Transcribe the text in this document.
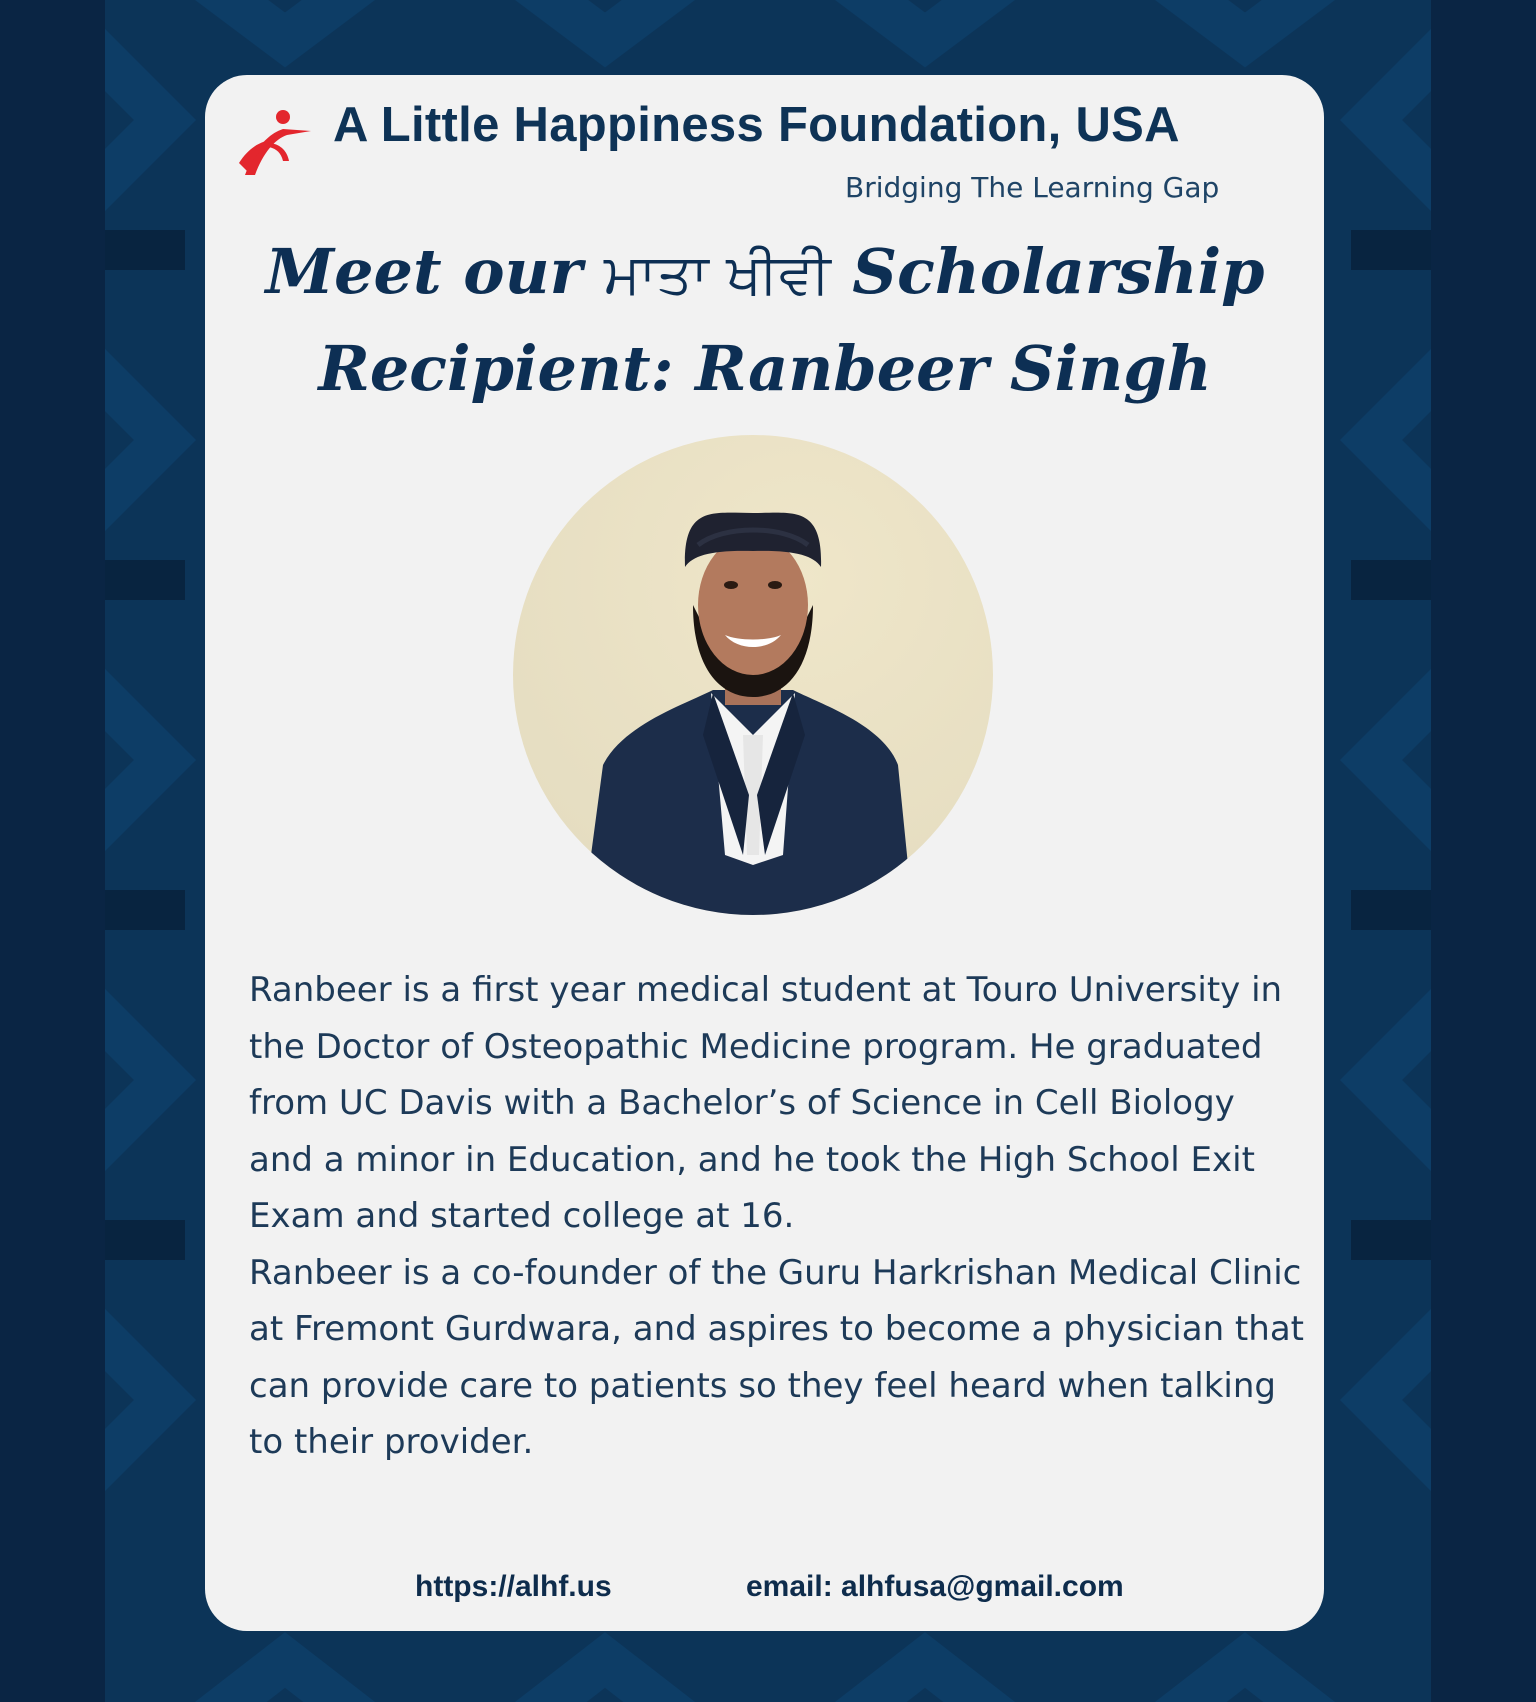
A Little Happiness Foundation, USA
Bridging The Learning Gap
Meet our ਮਾਤਾ ਖੀਵੀ Scholarship
Recipient: Ranbeer Singh

Ranbeer is a first year medical student at Touro University in the Doctor of Osteopathic Medicine program. He graduated from UC Davis with a Bachelor’s of Science in Cell Biology and a minor in Education, and he took the High School Exit Exam and started college at 16.

Ranbeer is a co-founder of the Guru Harkrishan Medical Clinic at Fremont Gurdwara, and aspires to become a physician that can provide care to patients so they feel heard when talking to their provider.

https://alhf.us	email: alhfusa@gmail.com
